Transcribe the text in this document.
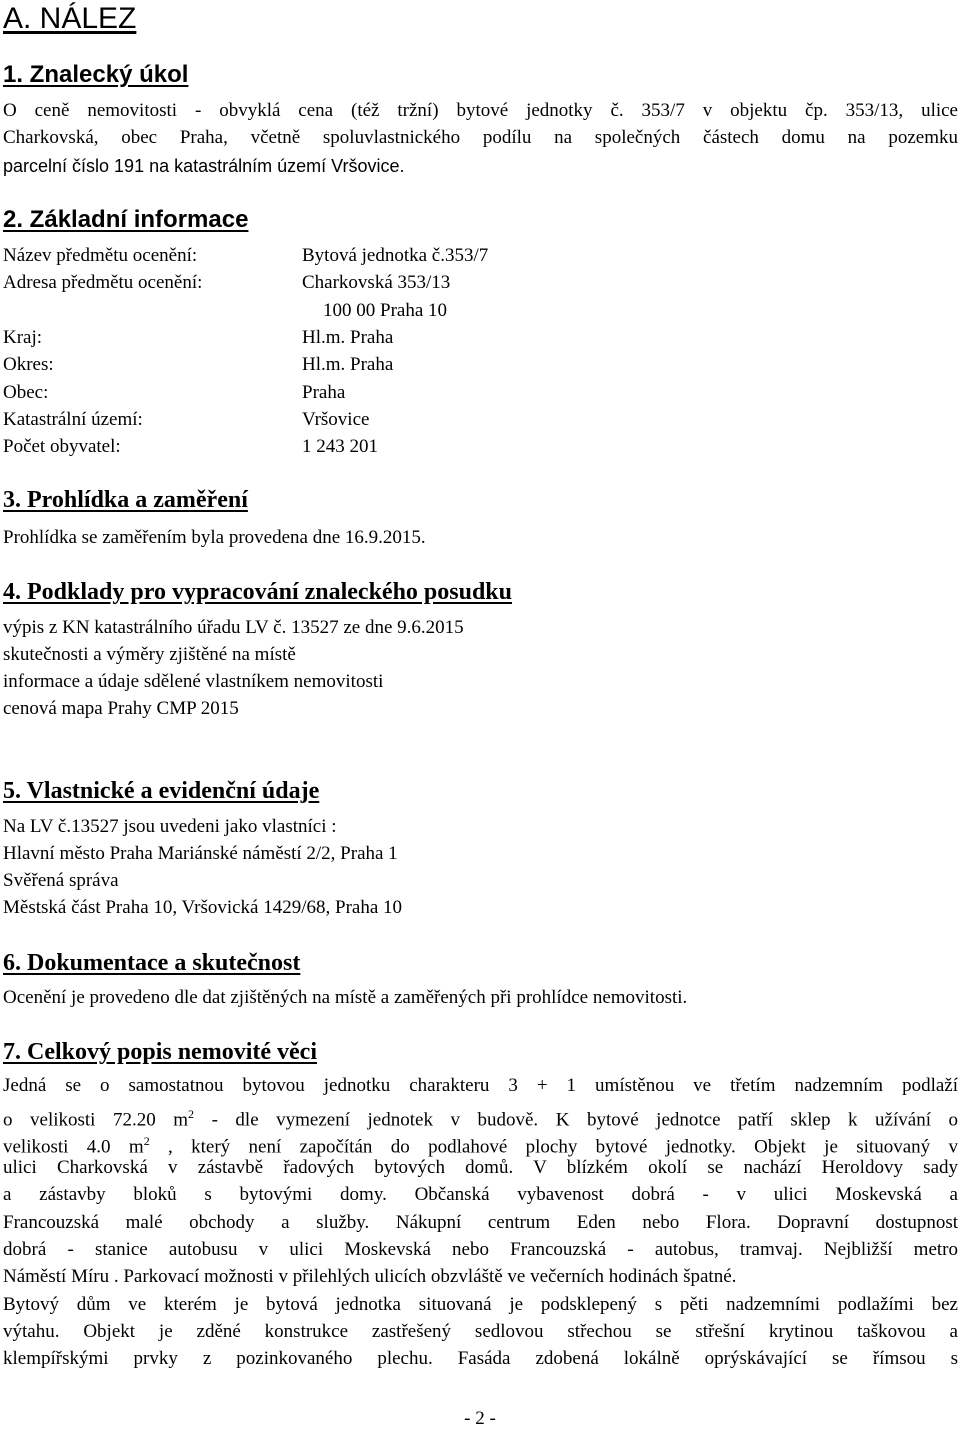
A. NÁLEZ
1. Znalecký úkol
O ceně nemovitosti - obvyklá cena (též tržní) bytové jednotky č. 353/7 v objektu čp. 353/13, ulice
Charkovská, obec Praha, včetně spoluvlastnického podílu na společných částech domu na pozemku
parcelní číslo 191 na katastrálním území Vršovice.
2. Základní informace
Název předmětu ocenění:	Bytová jednotka č.353/7
Adresa předmětu ocenění:	Charkovská 353/13
100 00 Praha 10
Kraj:	Hl.m. Praha
Okres:	Hl.m. Praha
Obec:	Praha
Katastrální území:	Vršovice
Počet obyvatel:	1 243 201
3. Prohlídka a zaměření
Prohlídka se zaměřením byla provedena dne 16.9.2015.
4. Podklady pro vypracování znaleckého posudku
výpis z KN katastrálního úřadu LV č. 13527 ze dne 9.6.2015
skutečnosti a výměry zjištěné na místě
informace a údaje sdělené vlastníkem nemovitosti
cenová mapa Prahy CMP 2015
5. Vlastnické a evidenční údaje
Na LV č.13527 jsou uvedeni jako vlastníci :
Hlavní město Praha Mariánské náměstí 2/2, Praha 1
Svěřená správa
Městská část Praha 10, Vršovická 1429/68, Praha 10
6. Dokumentace a skutečnost
Ocenění je provedeno dle dat zjištěných na místě a zaměřených při prohlídce nemovitosti.
7. Celkový popis nemovité věci
Jedná se o samostatnou bytovou jednotku charakteru 3 + 1 umístěnou ve třetím nadzemním podlaží
o velikosti 72.20 $m^2$ - dle vymezení jednotek v budově. K bytové jednotce patří sklep k užívání o
velikosti 4.0 $m^2$ , který není započítán do podlahové plochy bytové jednotky. Objekt je situovaný v
ulici Charkovská v zástavbě řadových bytových domů. V blízkém okolí se nachází Heroldovy sady
a zástavby bloků s bytovými domy. Občanská vybavenost dobrá - v ulici Moskevská a
Francouzská malé obchody a služby. Nákupní centrum Eden nebo Flora. Dopravní dostupnost
dobrá - stanice autobusu v ulici Moskevská nebo Francouzská - autobus, tramvaj. Nejbližší metro
Náměstí Míru . Parkovací možnosti v přilehlých ulicích obzvláště ve večerních hodinách špatné.
Bytový dům ve kterém je bytová jednotka situovaná je podsklepený s pěti nadzemními podlažími bez
výtahu. Objekt je zděné konstrukce zastřešený sedlovou střechou se střešní krytinou taškovou a
klempířskými prvky z pozinkovaného plechu. Fasáda zdobená lokálně oprýskávající se římsou s
- 2 -
